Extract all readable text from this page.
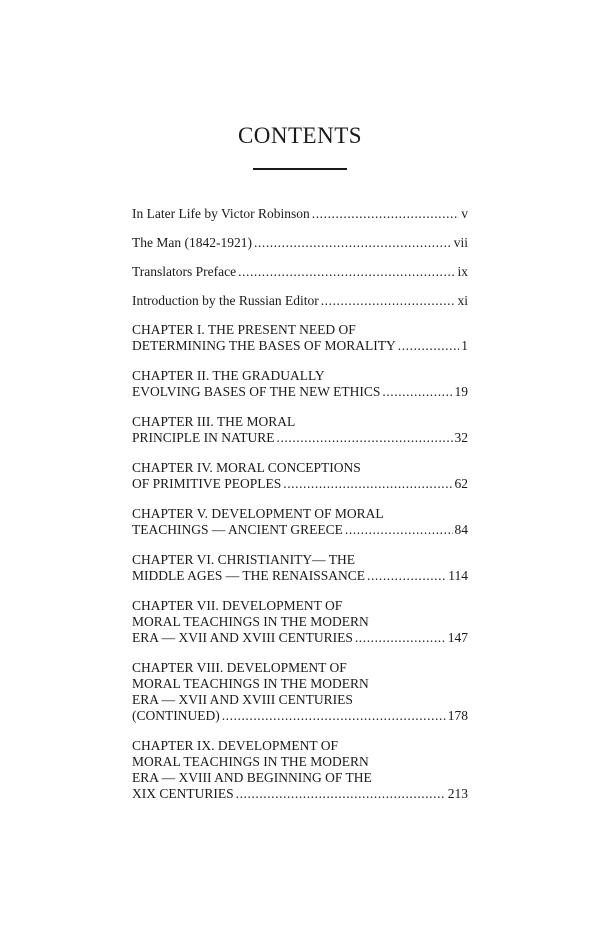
CONTENTS
In Later Life by Victor Robinson . . .	v
The Man (1842-1921) . . .	vii
Translators Preface . . .	ix
Introduction by the Russian Editor . . .	xi
CHAPTER I. THE PRESENT NEED OF
DETERMINING THE BASES OF MORALITY . . .	1
CHAPTER II. THE GRADUALLY
EVOLVING BASES OF THE NEW ETHICS . . .	19
CHAPTER III. THE MORAL
PRINCIPLE IN NATURE . . .	32
CHAPTER IV. MORAL CONCEPTIONS
OF PRIMITIVE PEOPLES . . .	62
CHAPTER V. DEVELOPMENT OF MORAL
TEACHINGS — ANCIENT GREECE . . .	84
CHAPTER VI. CHRISTIANITY— THE
MIDDLE AGES — THE RENAISSANCE . . .	114
CHAPTER VII. DEVELOPMENT OF
MORAL TEACHINGS IN THE MODERN
ERA — XVII AND XVIII CENTURIES . . .	147
CHAPTER VIII. DEVELOPMENT OF
MORAL TEACHINGS IN THE MODERN
ERA — XVII AND XVIII CENTURIES
(CONTINUED) . . .	178
CHAPTER IX. DEVELOPMENT OF
MORAL TEACHINGS IN THE MODERN
ERA — XVIII AND BEGINNING OF THE
XIX CENTURIES . . .	213
